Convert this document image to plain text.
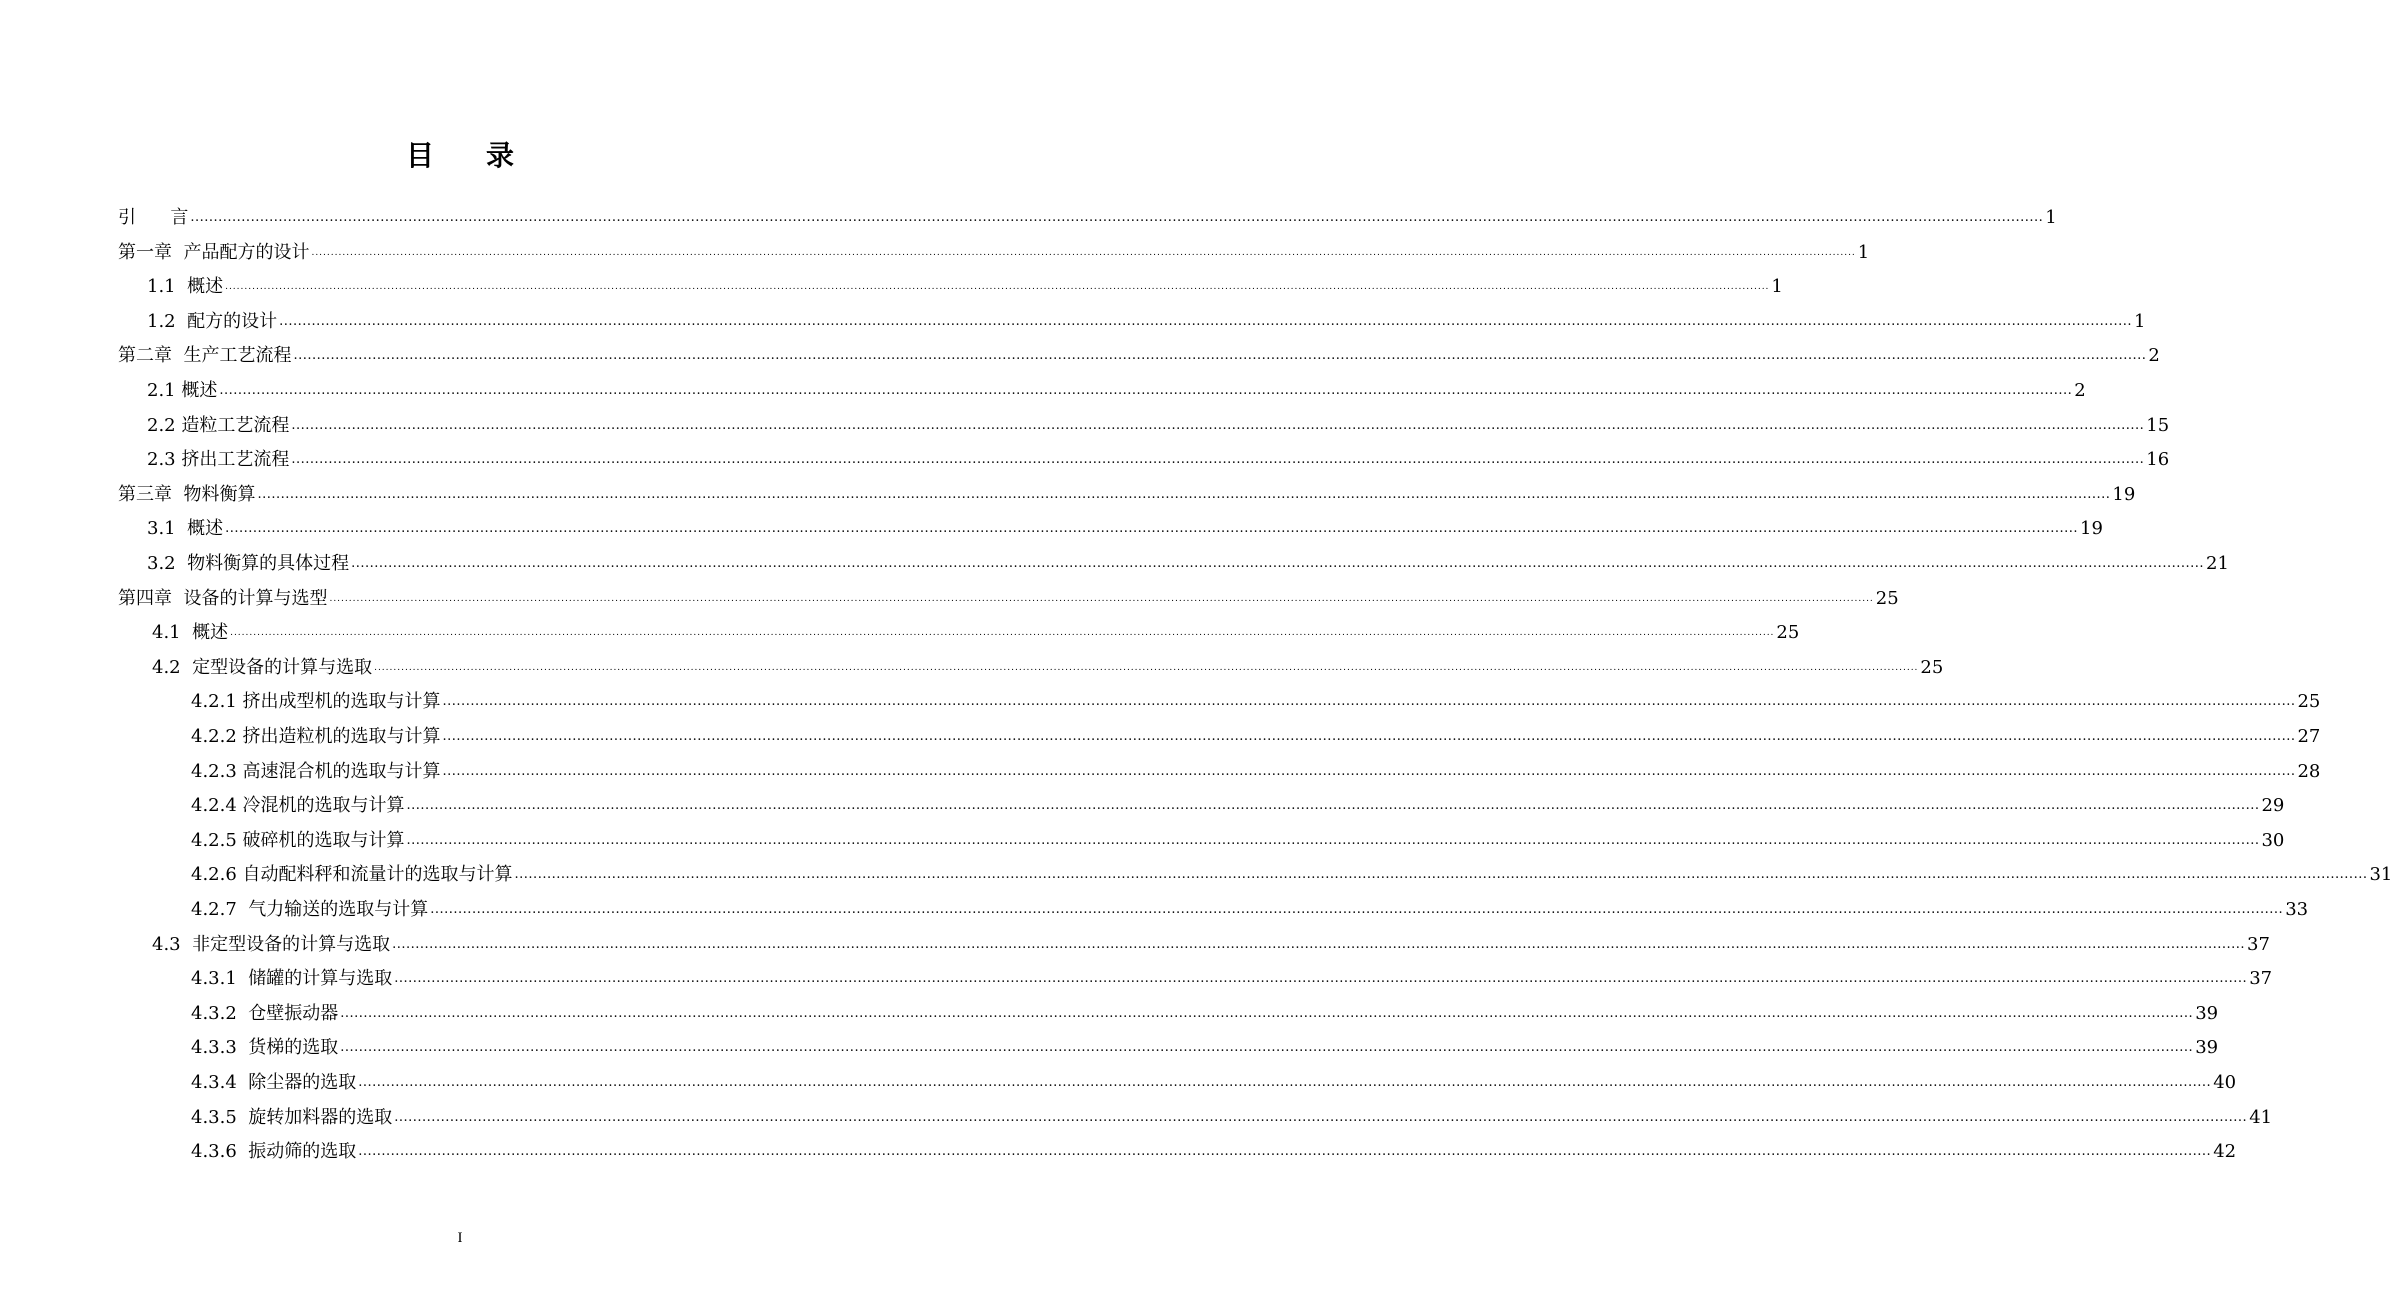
目 录
引      言 ................................................................................................................................................................................................................................................................................................................................................................................................................ 1
第一章  产品配方的设计 ................................................................................................................................................................................................................................................................................................................................................................................................................ 1
1.1  概述 ................................................................................................................................................................................................................................................................................................................................................................................................................ 1
1.2  配方的设计 ................................................................................................................................................................................................................................................................................................................................................................................................................ 1
第二章  生产工艺流程 ................................................................................................................................................................................................................................................................................................................................................................................................................ 2
2.1 概述 ................................................................................................................................................................................................................................................................................................................................................................................................................ 2
2.2 造粒工艺流程 ................................................................................................................................................................................................................................................................................................................................................................................................................ 15
2.3 挤出工艺流程 ................................................................................................................................................................................................................................................................................................................................................................................................................ 16
第三章  物料衡算 ................................................................................................................................................................................................................................................................................................................................................................................................................ 19
3.1  概述 ................................................................................................................................................................................................................................................................................................................................................................................................................ 19
3.2  物料衡算的具体过程 ................................................................................................................................................................................................................................................................................................................................................................................................................ 21
第四章  设备的计算与选型 ................................................................................................................................................................................................................................................................................................................................................................................................................ 25
4.1  概述 ................................................................................................................................................................................................................................................................................................................................................................................................................ 25
4.2  定型设备的计算与选取 ................................................................................................................................................................................................................................................................................................................................................................................................................ 25
4.2.1 挤出成型机的选取与计算 ................................................................................................................................................................................................................................................................................................................................................................................................................ 25
4.2.2 挤出造粒机的选取与计算 ................................................................................................................................................................................................................................................................................................................................................................................................................ 27
4.2.3 高速混合机的选取与计算 ................................................................................................................................................................................................................................................................................................................................................................................................................ 28
4.2.4 冷混机的选取与计算 ................................................................................................................................................................................................................................................................................................................................................................................................................ 29
4.2.5 破碎机的选取与计算 ................................................................................................................................................................................................................................................................................................................................................................................................................ 30
4.2.6 自动配料秤和流量计的选取与计算 ................................................................................................................................................................................................................................................................................................................................................................................................................ 31
4.2.7  气力输送的选取与计算 ................................................................................................................................................................................................................................................................................................................................................................................................................ 33
4.3  非定型设备的计算与选取 ................................................................................................................................................................................................................................................................................................................................................................................................................ 37
4.3.1  储罐的计算与选取 ................................................................................................................................................................................................................................................................................................................................................................................................................ 37
4.3.2  仓壁振动器 ................................................................................................................................................................................................................................................................................................................................................................................................................ 39
4.3.3  货梯的选取 ................................................................................................................................................................................................................................................................................................................................................................................................................ 39
4.3.4  除尘器的选取 ................................................................................................................................................................................................................................................................................................................................................................................................................ 40
4.3.5  旋转加料器的选取 ................................................................................................................................................................................................................................................................................................................................................................................................................ 41
4.3.6  振动筛的选取 ................................................................................................................................................................................................................................................................................................................................................................................................................ 42
I
